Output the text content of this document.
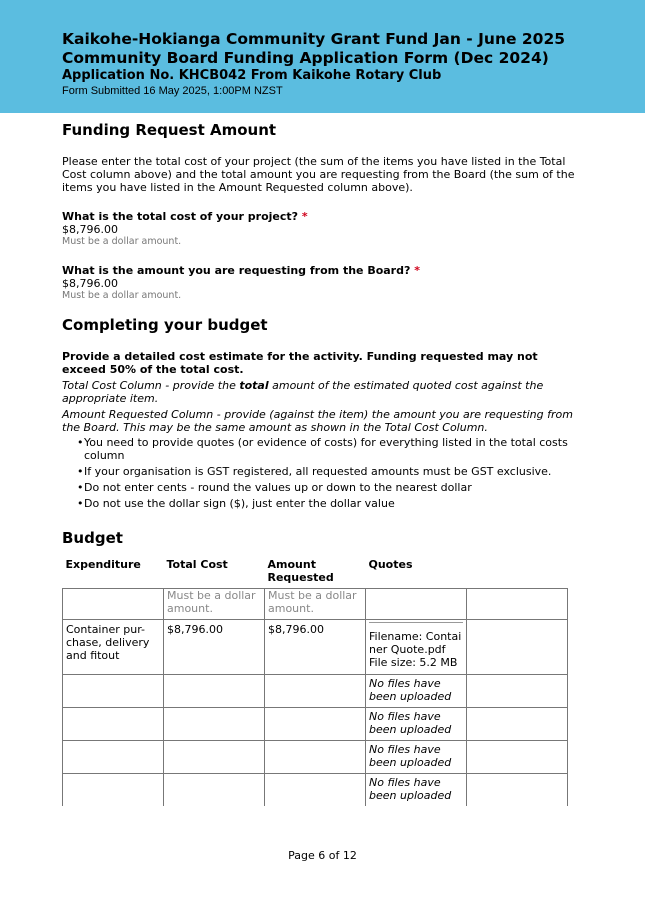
Kaikohe-Hokianga Community Grant Fund Jan - June 2025

Community Board Funding Application Form (Dec 2024)

Application No. KHCB042 From Kaikohe Rotary Club

Form Submitted 16 May 2025, 1:00PM NZST

Funding Request Amount

Please enter the total cost of your project (the sum of the items you have listed in the Total Cost column above) and the total amount you are requesting from the Board (the sum of the items you have listed in the Amount Requested column above).

What is the total cost of your project? *

$8,796.00

Must be a dollar amount.

What is the amount you are requesting from the Board? *

$8,796.00

Must be a dollar amount.

Completing your budget

Provide a detailed cost estimate for the activity. Funding requested may not exceed 50% of the total cost.

Total Cost Column - provide the total amount of the estimated quoted cost against the appropriate item.

Amount Requested Column - provide (against the item) the amount you are requesting from the Board. This may be the same amount as shown in the Total Cost Column.

• You need to provide quotes (or evidence of costs) for everything listed in the total costs column
• If your organisation is GST registered, all requested amounts must be GST exclusive.
• Do not enter cents - round the values up or down to the nearest dollar
• Do not use the dollar sign ($), just enter the dollar value

Budget

Expenditure	Total Cost	Amount Requested	Quotes	
	Must be a dollar amount.	Must be a dollar amount.		
Container pur-chase, delivery and fitout	$8,796.00	$8,796.00	Filename: Container Quote.pdf
File size: 5.2 MB	

			No files have been uploaded	
			No files have been uploaded	
			No files have been uploaded	
			No files have been uploaded	
Page 6 of 12
